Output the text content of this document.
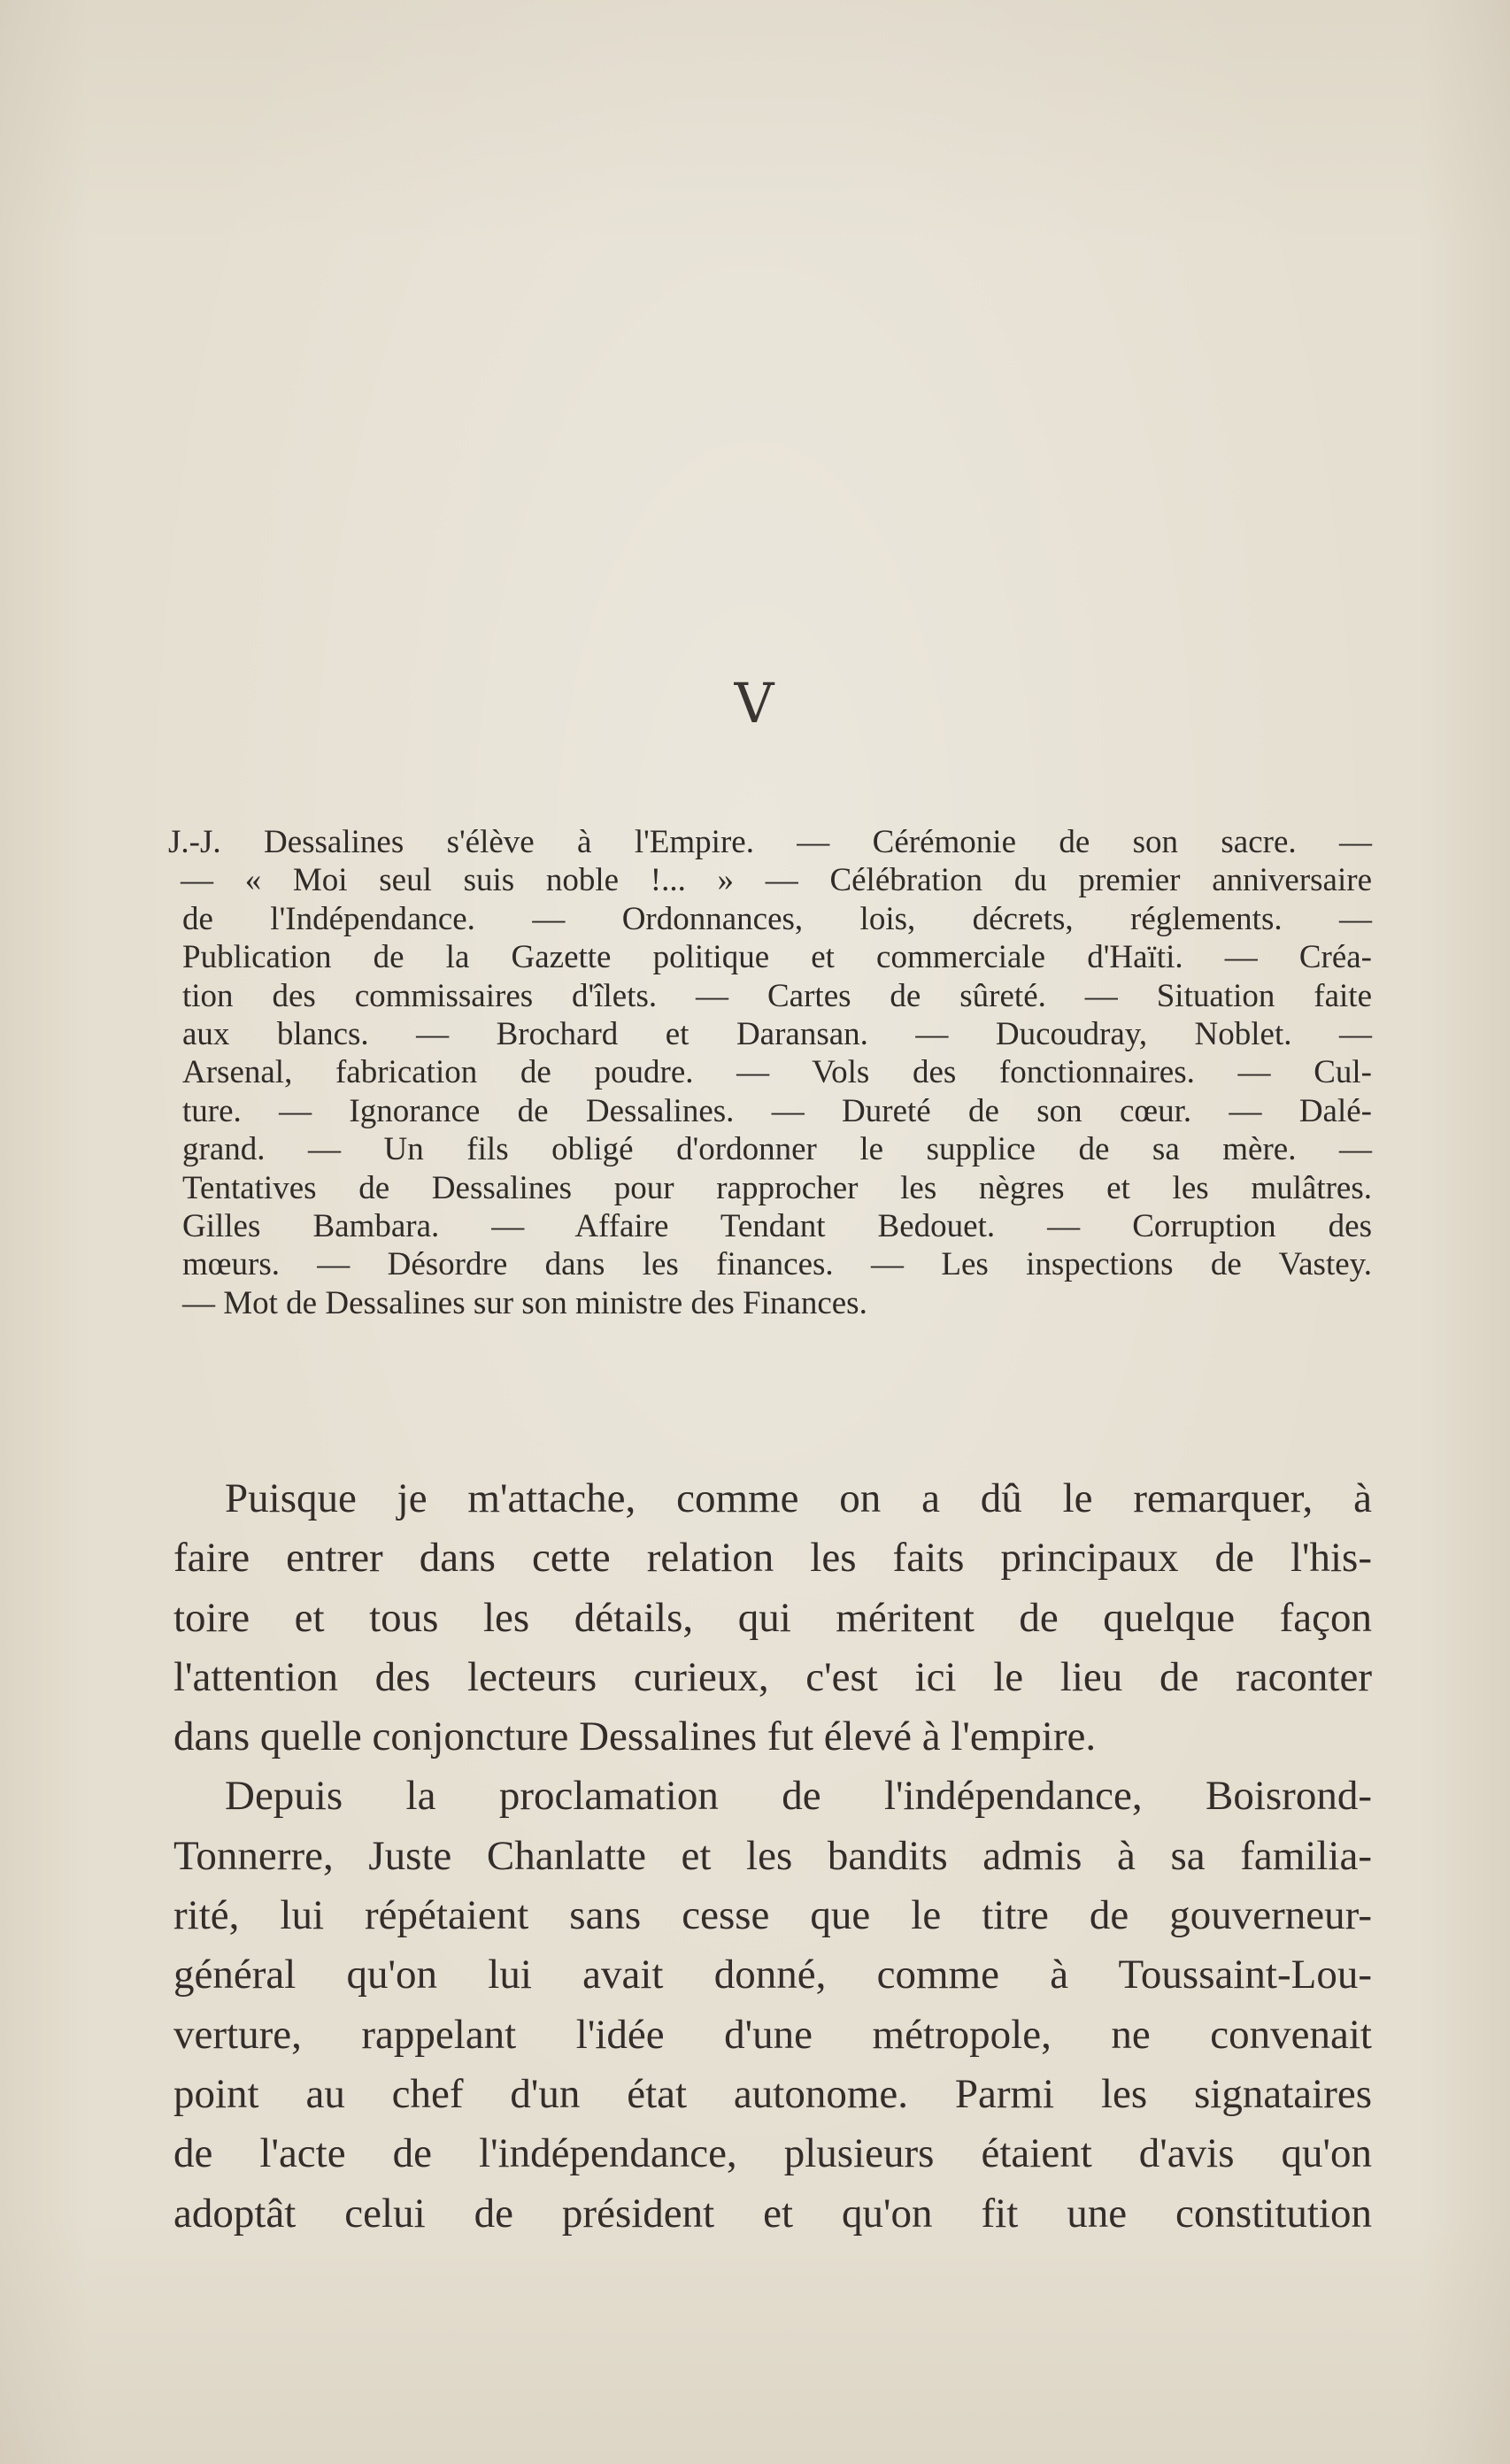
V
J.-J. Dessalines s'élève à l'Empire. — Cérémonie de son sacre. —
— « Moi seul suis noble !... » — Célébration du premier anniversaire
de l'Indépendance. — Ordonnances, lois, décrets, réglements. —
Publication de la Gazette politique et commerciale d'Haïti. — Créa-
tion des commissaires d'îlets. — Cartes de sûreté. — Situation faite
aux blancs. — Brochard et Daransan. — Ducoudray, Noblet. —
Arsenal, fabrication de poudre. — Vols des fonctionnaires. — Cul-
ture. — Ignorance de Dessalines. — Dureté de son cœur. — Dalé-
grand. — Un fils obligé d'ordonner le supplice de sa mère. —
Tentatives de Dessalines pour rapprocher les nègres et les mulâtres.
Gilles Bambara. — Affaire Tendant Bedouet. — Corruption des
mœurs. — Désordre dans les finances. — Les inspections de Vastey.
— Mot de Dessalines sur son ministre des Finances.
Puisque je m'attache, comme on a dû le remarquer, à
faire entrer dans cette relation les faits principaux de l'his-
toire et tous les détails, qui méritent de quelque façon
l'attention des lecteurs curieux, c'est ici le lieu de raconter
dans quelle conjoncture Dessalines fut élevé à l'empire.
Depuis la proclamation de l'indépendance, Boisrond-
Tonnerre, Juste Chanlatte et les bandits admis à sa familia-
rité, lui répétaient sans cesse que le titre de gouverneur-
général qu'on lui avait donné, comme à Toussaint-Lou-
verture, rappelant l'idée d'une métropole, ne convenait
point au chef d'un état autonome. Parmi les signataires
de l'acte de l'indépendance, plusieurs étaient d'avis qu'on
adoptât celui de président et qu'on fit une constitution
